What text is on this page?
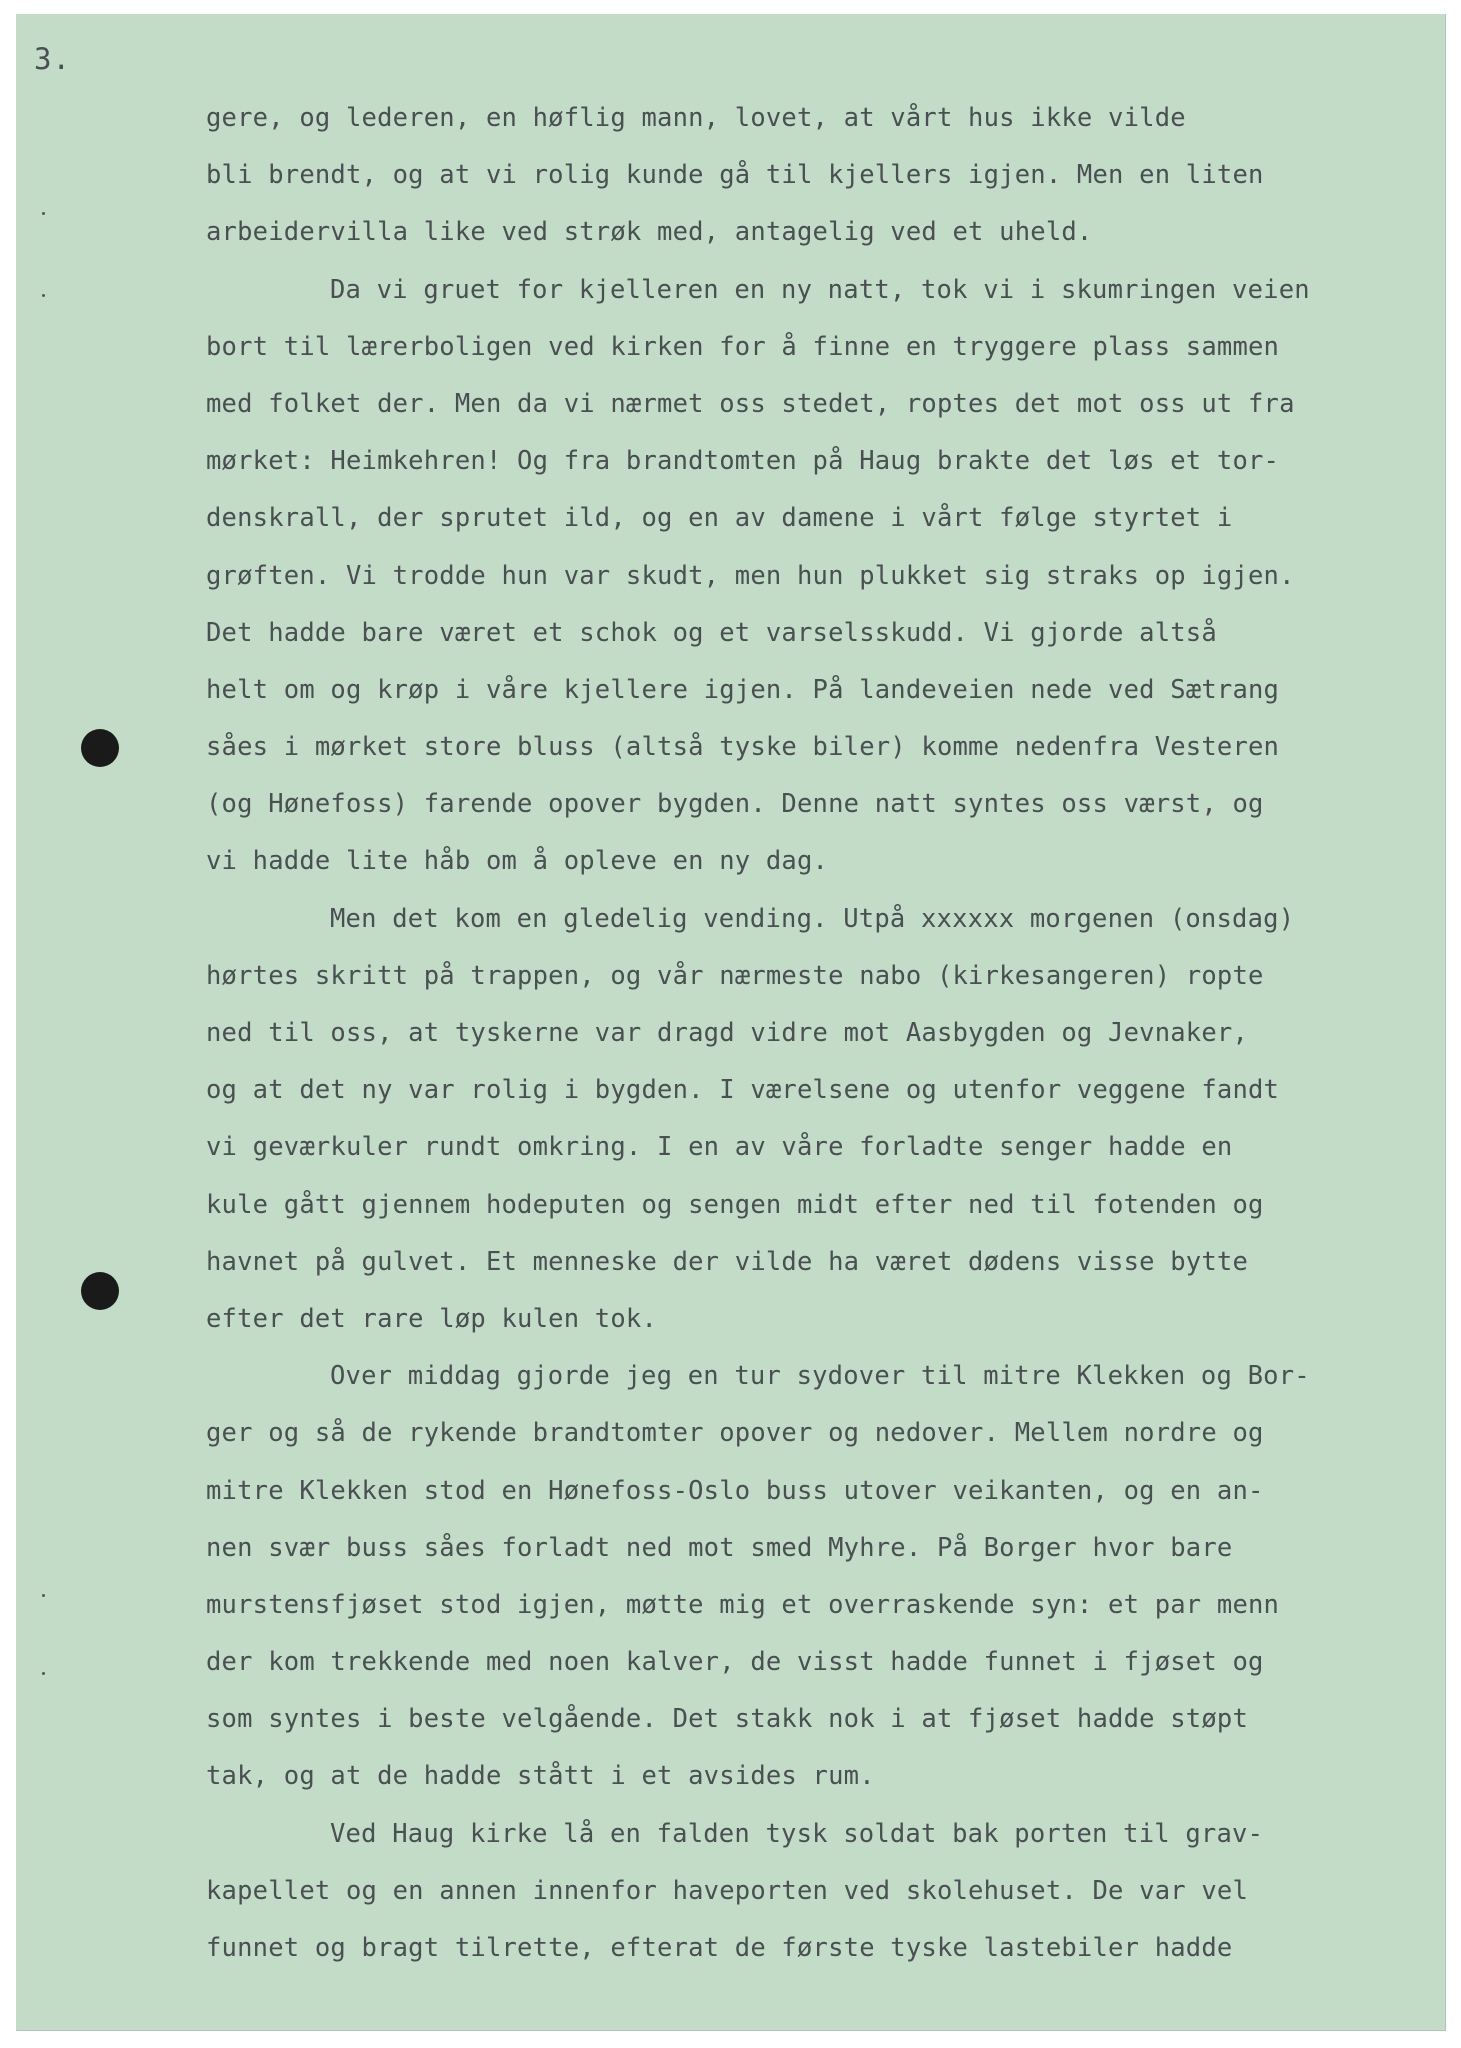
3.
gere, og lederen, en høflig mann, lovet, at vårt hus ikke vilde
bli brendt, og at vi rolig kunde gå til kjellers igjen. Men en liten
arbeidervilla like ved strøk med, antagelig ved et uheld.
Da vi gruet for kjelleren en ny natt, tok vi i skumringen veien
bort til lærerboligen ved kirken for å finne en tryggere plass sammen
med folket der. Men da vi nærmet oss stedet, roptes det mot oss ut fra
mørket: Heimkehren! Og fra brandtomten på Haug brakte det løs et tor-
denskrall, der sprutet ild, og en av damene i vårt følge styrtet i
grøften. Vi trodde hun var skudt, men hun plukket sig straks op igjen.
Det hadde bare været et schok og et varselsskudd. Vi gjorde altså
helt om og krøp i våre kjellere igjen. På landeveien nede ved Sætrang
såes i mørket store bluss (altså tyske biler) komme nedenfra Vesteren
(og Hønefoss) farende opover bygden. Denne natt syntes oss værst, og
vi hadde lite håb om å opleve en ny dag.
Men det kom en gledelig vending. Utpå xxxxxx morgenen (onsdag)
hørtes skritt på trappen, og vår nærmeste nabo (kirkesangeren) ropte
ned til oss, at tyskerne var dragd vidre mot Aasbygden og Jevnaker,
og at det ny var rolig i bygden. I værelsene og utenfor veggene fandt
vi geværkuler rundt omkring. I en av våre forladte senger hadde en
kule gått gjennem hodeputen og sengen midt efter ned til fotenden og
havnet på gulvet. Et menneske der vilde ha været dødens visse bytte
efter det rare løp kulen tok.
Over middag gjorde jeg en tur sydover til mitre Klekken og Bor-
ger og så de rykende brandtomter opover og nedover. Mellem nordre og
mitre Klekken stod en Hønefoss-Oslo buss utover veikanten, og en an-
nen svær buss såes forladt ned mot smed Myhre. På Borger hvor bare
murstensfjøset stod igjen, møtte mig et overraskende syn: et par menn
der kom trekkende med noen kalver, de visst hadde funnet i fjøset og
som syntes i beste velgående. Det stakk nok i at fjøset hadde støpt
tak, og at de hadde stått i et avsides rum.
Ved Haug kirke lå en falden tysk soldat bak porten til grav-
kapellet og en annen innenfor haveporten ved skolehuset. De var vel
funnet og bragt tilrette, efterat de første tyske lastebiler hadde
